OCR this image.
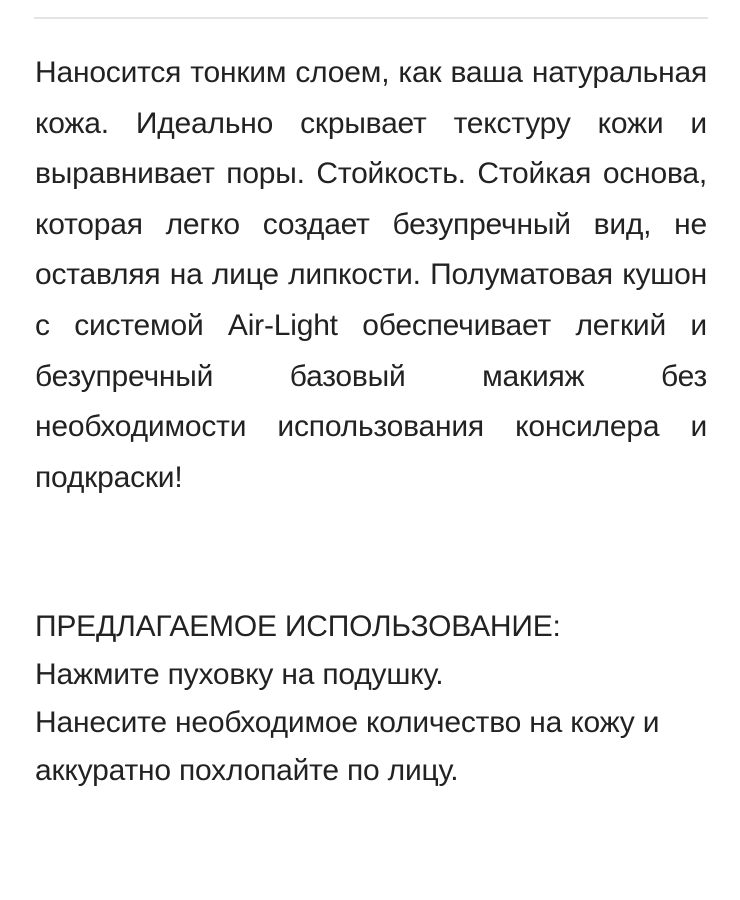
Наносится тонким слоем, как ваша натуральная кожа. Идеально скрывает текстуру кожи и выравнивает поры. Стойкость. Стойкая основа, которая легко создает безупречный вид, не оставляя на лице липкости. Полуматовая кушон с системой Air-Light обеспечивает легкий и безупречный базовый макияж без необходимости использования консилера и подкраски!

ПРЕДЛАГАЕМОЕ ИСПОЛЬЗОВАНИЕ:

Нажмите пуховку на подушку.

Нанесите необходимое количество на кожу и аккуратно похлопайте по лицу.
